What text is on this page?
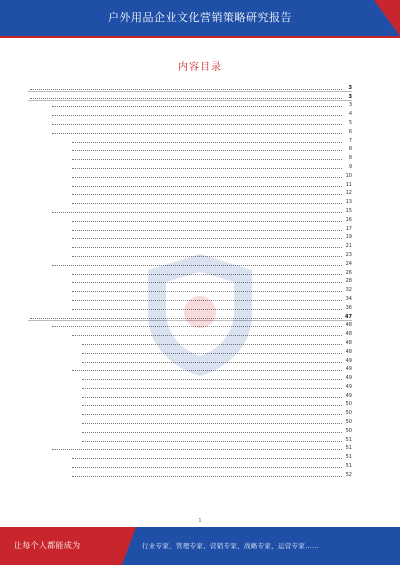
户外用品企业文化营销策略研究报告
内容目录
3
3
3
4
5
6
7
8
8
9
10
11
12
13
15
16
17
19
21
23
24
26
28
32
34
36
47
48
48
48
48
49
49
49
49
49
50
50
50
50
51
51
51
51
52
1
让每个人都能成为	行业专家、管理专家、营销专家、战略专家、运营专家……
